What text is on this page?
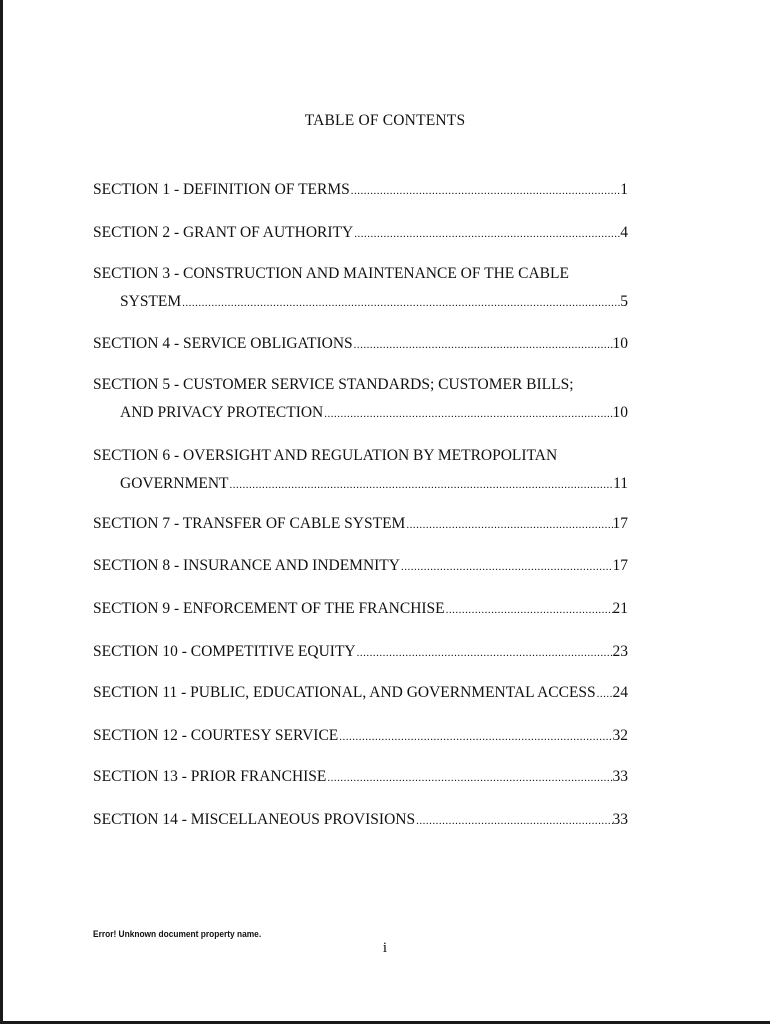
TABLE OF CONTENTS
SECTION 1 - DEFINITION OF TERMS .....	1
SECTION 2 - GRANT OF AUTHORITY .....	4
SECTION 3 - CONSTRUCTION AND MAINTENANCE OF THE CABLE
SYSTEM .....	5
SECTION 4 - SERVICE OBLIGATIONS .....	10
SECTION 5 - CUSTOMER SERVICE STANDARDS; CUSTOMER BILLS;
AND PRIVACY PROTECTION .....	10
SECTION 6 - OVERSIGHT AND REGULATION BY METROPOLITAN
GOVERNMENT .....	11
SECTION 7 - TRANSFER OF CABLE SYSTEM .....	17
SECTION 8 - INSURANCE AND INDEMNITY .....	17
SECTION 9 - ENFORCEMENT OF THE FRANCHISE .....	21
SECTION 10 - COMPETITIVE EQUITY .....	23
SECTION 11 - PUBLIC, EDUCATIONAL, AND GOVERNMENTAL ACCESS ..... 24
SECTION 12 - COURTESY SERVICE .....	32
SECTION 13 - PRIOR FRANCHISE .....	33
SECTION 14 - MISCELLANEOUS PROVISIONS .....	33
Error! Unknown document property name.
i
